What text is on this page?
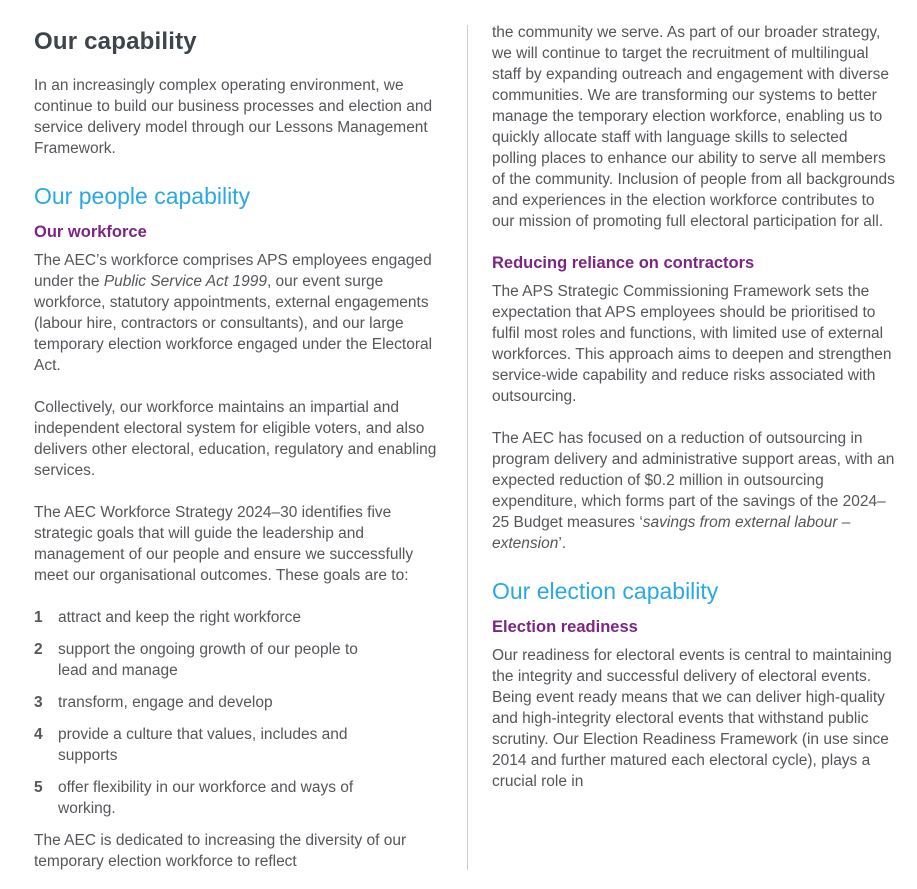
Our capability

In an increasingly complex operating environment, we continue to build our business processes and election and service delivery model through our Lessons Management Framework.

Our people capability
Our workforce

The AEC’s workforce comprises APS employees engaged under the Public Service Act 1999, our event surge workforce, statutory appointments, external engagements (labour hire, contractors or consultants), and our large temporary election workforce engaged under the Electoral Act.

Collectively, our workforce maintains an impartial and independent electoral system for eligible voters, and also delivers other electoral, education, regulatory and enabling services.

The AEC Workforce Strategy 2024–30 identifies five strategic goals that will guide the leadership and management of our people and ensure we successfully meet our organisational outcomes. These goals are to:

1 attract and keep the right workforce
2 support the ongoing growth of our people to lead and manage
3 transform, engage and develop
4 provide a culture that values, includes and supports
5 offer flexibility in our workforce and ways of working.

The AEC is dedicated to increasing the diversity of our temporary election workforce to reflect

the community we serve. As part of our broader strategy, we will continue to target the recruitment of multilingual staff by expanding outreach and engagement with diverse communities. We are transforming our systems to better manage the temporary election workforce, enabling us to quickly allocate staff with language skills to selected polling places to enhance our ability to serve all members of the community. Inclusion of people from all backgrounds and experiences in the election workforce contributes to our mission of promoting full electoral participation for all.

Reducing reliance on contractors

The APS Strategic Commissioning Framework sets the expectation that APS employees should be prioritised to fulfil most roles and functions, with limited use of external workforces. This approach aims to deepen and strengthen service-wide capability and reduce risks associated with outsourcing.

The AEC has focused on a reduction of outsourcing in program delivery and administrative support areas, with an expected reduction of $0.2 million in outsourcing expenditure, which forms part of the savings of the 2024–25 Budget measures ‘savings from external labour – extension’.

Our election capability
Election readiness

Our readiness for electoral events is central to maintaining the integrity and successful delivery of electoral events. Being event ready means that we can deliver high-quality and high-integrity electoral events that withstand public scrutiny. Our Election Readiness Framework (in use since 2014 and further matured each electoral cycle), plays a crucial role in
